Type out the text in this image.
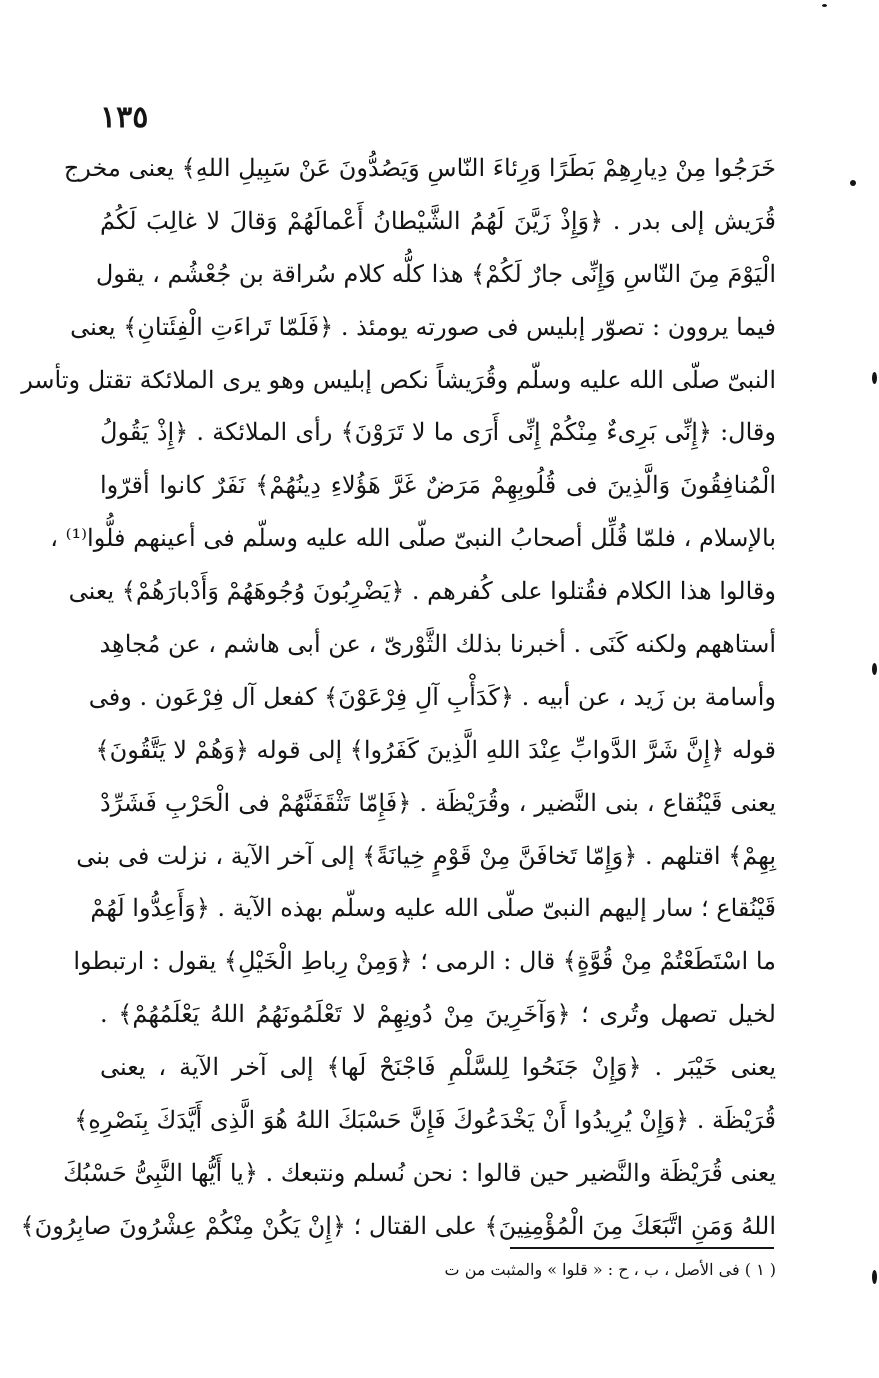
١٣٥
خَرَجُوا مِنْ دِيارِهِمْ بَطَرًا وَرِئاءَ النّاسِ وَيَصُدُّونَ عَنْ سَبِيلِ اللهِ﴾ يعنى مخرج
قُرَيش إلى بدر . ﴿وَإِذْ زَيَّنَ لَهُمُ الشَّيْطانُ أَعْمالَهُمْ وَقالَ لا غالِبَ لَكُمُ
الْيَوْمَ مِنَ النّاسِ وَإِنِّى جارٌ لَكُمْ﴾ هذا كلُّه كلام سُراقة بن جُعْشُم ، يقول
فيما يروون : تصوّر إبليس فى صورته يومئذ . ﴿فَلَمّا تَراءَتِ الْفِئَتانِ﴾ يعنى
النبىّ صلّى الله عليه وسلّم وقُرَيشاً نكص إبليس وهو يرى الملائكة تقتل وتأسر
وقال: ﴿إِنِّى بَرِىءٌ مِنْكُمْ إِنِّى أَرَى ما لا تَرَوْنَ﴾ رأى الملائكة . ﴿إِذْ يَقُولُ
الْمُنافِقُونَ وَالَّذِينَ فى قُلُوبِهِمْ مَرَضٌ غَرَّ هَؤُلاءِ دِينُهُمْ﴾ نَفَرٌ كانوا أقرّوا
بالإسلام ، فلمّا قُلِّل أصحابُ النبىّ صلّى الله عليه وسلّم فى أعينهم فلُّوا⁽¹⁾ ،
وقالوا هذا الكلام فقُتلوا على كُفرهم . ﴿يَضْرِبُونَ وُجُوهَهُمْ وَأَدْبارَهُمْ﴾ يعنى
أستاههم ولكنه كَنَى . أخبرنا بذلك الثَّوْرىّ ، عن أبى هاشم ، عن مُجاهِد
وأسامة بن زَيد ، عن أبيه . ﴿كَدَأْبِ آلِ فِرْعَوْنَ﴾ كفعل آل فِرْعَون . وفى
قوله ﴿إِنَّ شَرَّ الدَّوابِّ عِنْدَ اللهِ الَّذِينَ كَفَرُوا﴾ إلى قوله ﴿وَهُمْ لا يَتَّقُونَ﴾
يعنى قَيْنُقاع ، بنى النَّضير ، وقُرَيْظَة . ﴿فَإِمّا تَثْقَفَنَّهُمْ فى الْحَرْبِ فَشَرِّدْ
بِهِمْ﴾ اقتلهم . ﴿وَإِمّا تَخافَنَّ مِنْ قَوْمٍ خِيانَةً﴾ إلى آخر الآية ، نزلت فى بنى
قَيْنُقاع ؛ سار إليهم النبىّ صلّى الله عليه وسلّم بهذه الآية . ﴿وَأَعِدُّوا لَهُمْ
ما اسْتَطَعْتُمْ مِنْ قُوَّةٍ﴾ قال : الرمى ؛ ﴿وَمِنْ رِباطِ الْخَيْلِ﴾ يقول : ارتبطوا
لخيل تصهل وتُرى ؛ ﴿وَآخَرِينَ مِنْ دُونِهِمْ لا تَعْلَمُونَهُمُ اللهُ يَعْلَمُهُمْ﴾ .
يعنى خَيْبَر . ﴿وَإِنْ جَنَحُوا لِلسَّلْمِ فَاجْنَحْ لَها﴾ إلى آخر الآية ، يعنى
قُرَيْظَة . ﴿وَإِنْ يُرِيدُوا أَنْ يَخْدَعُوكَ فَإِنَّ حَسْبَكَ اللهُ هُوَ الَّذِى أَيَّدَكَ بِنَصْرِهِ﴾
يعنى قُرَيْظَة والنَّضير حين قالوا : نحن نُسلم ونتبعك . ﴿يا أَيُّها النَّبِىُّ حَسْبُكَ
اللهُ وَمَنِ اتَّبَعَكَ مِنَ الْمُؤْمِنِينَ﴾ على القتال ؛ ﴿إِنْ يَكُنْ مِنْكُمْ عِشْرُونَ صابِرُونَ﴾
( ١ ) فى الأصل ، ب ، ح : « قلوا » والمثبت من ت
